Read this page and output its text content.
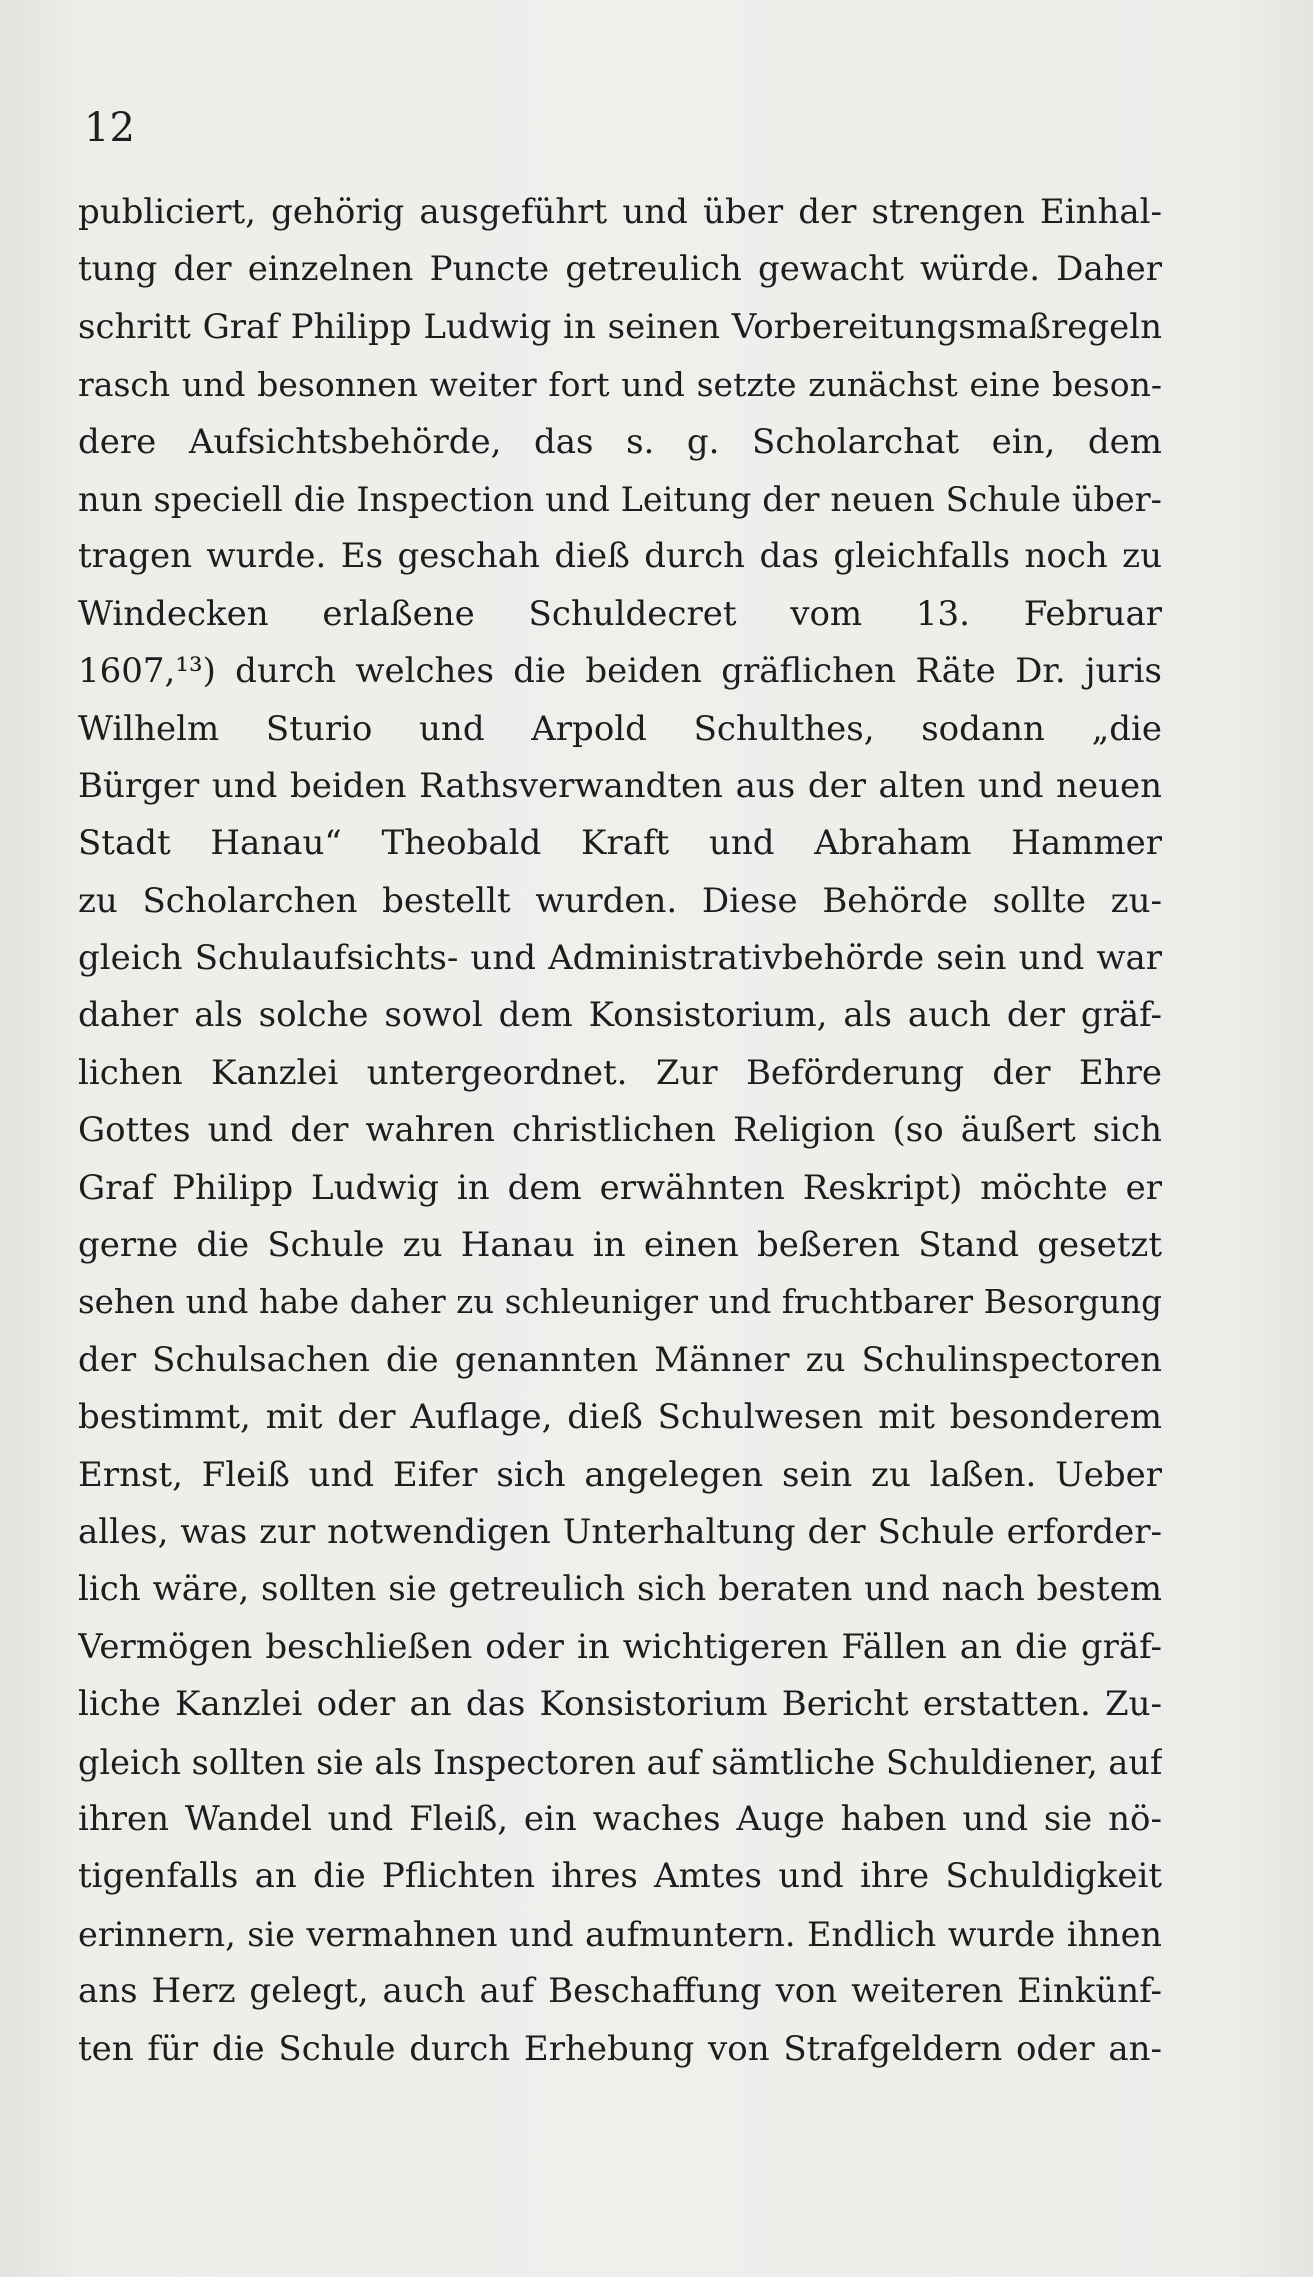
12
publiciert, gehörig ausgeführt und über der strengen Einhal-
tung der einzelnen Puncte getreulich gewacht würde. Daher
schritt Graf Philipp Ludwig in seinen Vorbereitungsmaßregeln
rasch und besonnen weiter fort und setzte zunächst eine beson-
dere Aufsichtsbehörde, das s. g. Scholarchat ein, dem
nun speciell die Inspection und Leitung der neuen Schule über-
tragen wurde. Es geschah dieß durch das gleichfalls noch zu
Windecken erlaßene Schuldecret vom 13. Februar
1607,¹³) durch welches die beiden gräflichen Räte Dr. juris
Wilhelm Sturio und Arpold Schulthes, sodann „die
Bürger und beiden Rathsverwandten aus der alten und neuen
Stadt Hanau“ Theobald Kraft und Abraham Hammer
zu Scholarchen bestellt wurden. Diese Behörde sollte zu-
gleich Schulaufsichts- und Administrativbehörde sein und war
daher als solche sowol dem Konsistorium, als auch der gräf-
lichen Kanzlei untergeordnet. Zur Beförderung der Ehre
Gottes und der wahren christlichen Religion (so äußert sich
Graf Philipp Ludwig in dem erwähnten Reskript) möchte er
gerne die Schule zu Hanau in einen beßeren Stand gesetzt
sehen und habe daher zu schleuniger und fruchtbarer Besorgung
der Schulsachen die genannten Männer zu Schulinspectoren
bestimmt, mit der Auflage, dieß Schulwesen mit besonderem
Ernst, Fleiß und Eifer sich angelegen sein zu laßen. Ueber
alles, was zur notwendigen Unterhaltung der Schule erforder-
lich wäre, sollten sie getreulich sich beraten und nach bestem
Vermögen beschließen oder in wichtigeren Fällen an die gräf-
liche Kanzlei oder an das Konsistorium Bericht erstatten. Zu-
gleich sollten sie als Inspectoren auf sämtliche Schuldiener, auf
ihren Wandel und Fleiß, ein waches Auge haben und sie nö-
tigenfalls an die Pflichten ihres Amtes und ihre Schuldigkeit
erinnern, sie vermahnen und aufmuntern. Endlich wurde ihnen
ans Herz gelegt, auch auf Beschaffung von weiteren Einkünf-
ten für die Schule durch Erhebung von Strafgeldern oder an-
